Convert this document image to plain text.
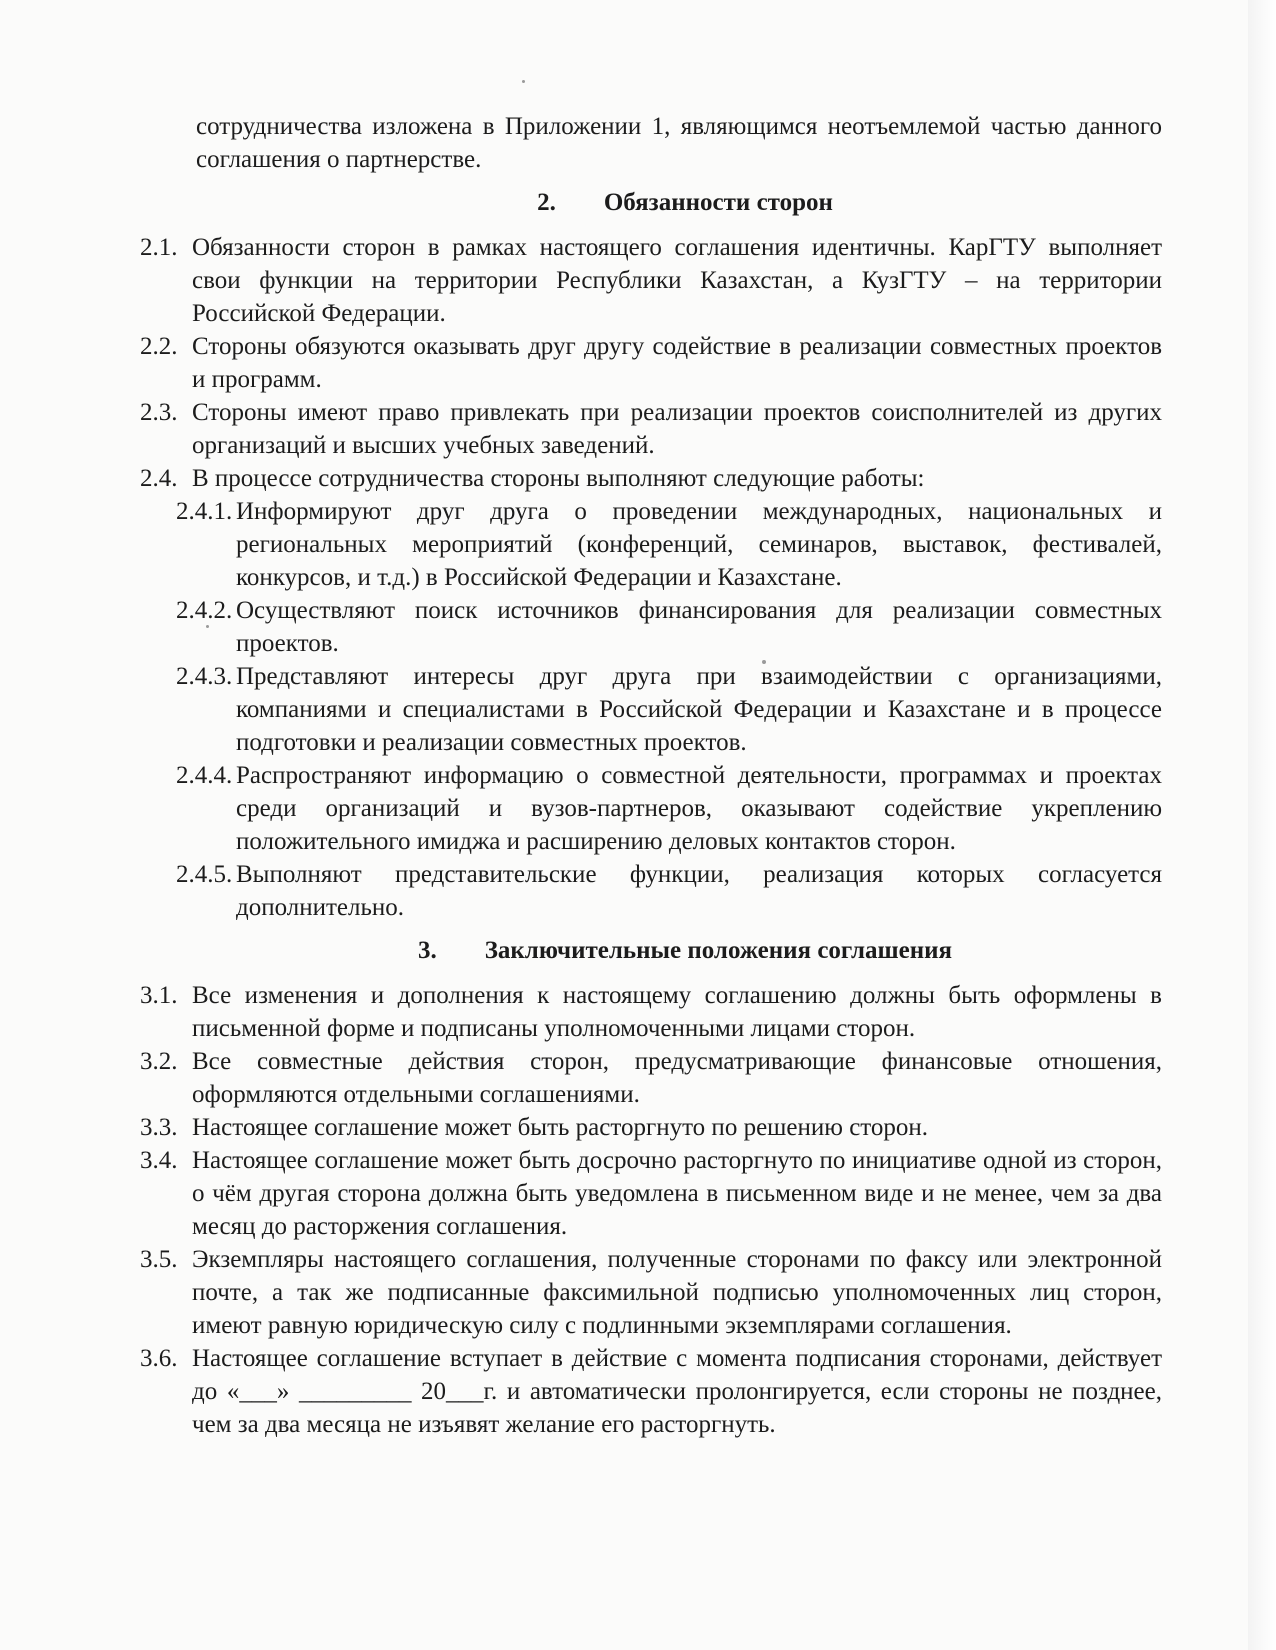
сотрудничества изложена в Приложении 1, являющимся неотъемлемой частью данного соглашения о партнерстве.

2. Обязанности сторон
2.1. Обязанности сторон в рамках настоящего соглашения идентичны. КарГТУ выполняет свои функции на территории Республики Казахстан, а КузГТУ – на территории Российской Федерации.
2.2. Стороны обязуются оказывать друг другу содействие в реализации совместных проектов и программ.
2.3. Стороны имеют право привлекать при реализации проектов соисполнителей из других организаций и высших учебных заведений.
2.4. В процессе сотрудничества стороны выполняют следующие работы:
2.4.1. Информируют друг друга о проведении международных, национальных и региональных мероприятий (конференций, семинаров, выставок, фестивалей, конкурсов, и т.д.) в Российской Федерации и Казахстане.
2.4.2. Осуществляют поиск источников финансирования для реализации совместных проектов.
2.4.3. Представляют интересы друг друга при взаимодействии с организациями, компаниями и специалистами в Российской Федерации и Казахстане и в процессе подготовки и реализации совместных проектов.
2.4.4. Распространяют информацию о совместной деятельности, программах и проектах среди организаций и вузов-партнеров, оказывают содействие укреплению положительного имиджа и расширению деловых контактов сторон.
2.4.5. Выполняют представительские функции, реализация которых согласуется дополнительно.
3. Заключительные положения соглашения
3.1. Все изменения и дополнения к настоящему соглашению должны быть оформлены в письменной форме и подписаны уполномоченными лицами сторон.
3.2. Все совместные действия сторон, предусматривающие финансовые отношения, оформляются отдельными соглашениями.
3.3. Настоящее соглашение может быть расторгнуто по решению сторон.
3.4. Настоящее соглашение может быть досрочно расторгнуто по инициативе одной из сторон, о чём другая сторона должна быть уведомлена в письменном виде и не менее, чем за два месяц до расторжения соглашения.
3.5. Экземпляры настоящего соглашения, полученные сторонами по факсу или электронной почте, а так же подписанные факсимильной подписью уполномоченных лиц сторон, имеют равную юридическую силу с подлинными экземплярами соглашения.
3.6. Настоящее соглашение вступает в действие с момента подписания сторонами, действует до «___» _________ 20___г. и автоматически пролонгируется, если стороны не позднее, чем за два месяца не изъявят желание его расторгнуть.
